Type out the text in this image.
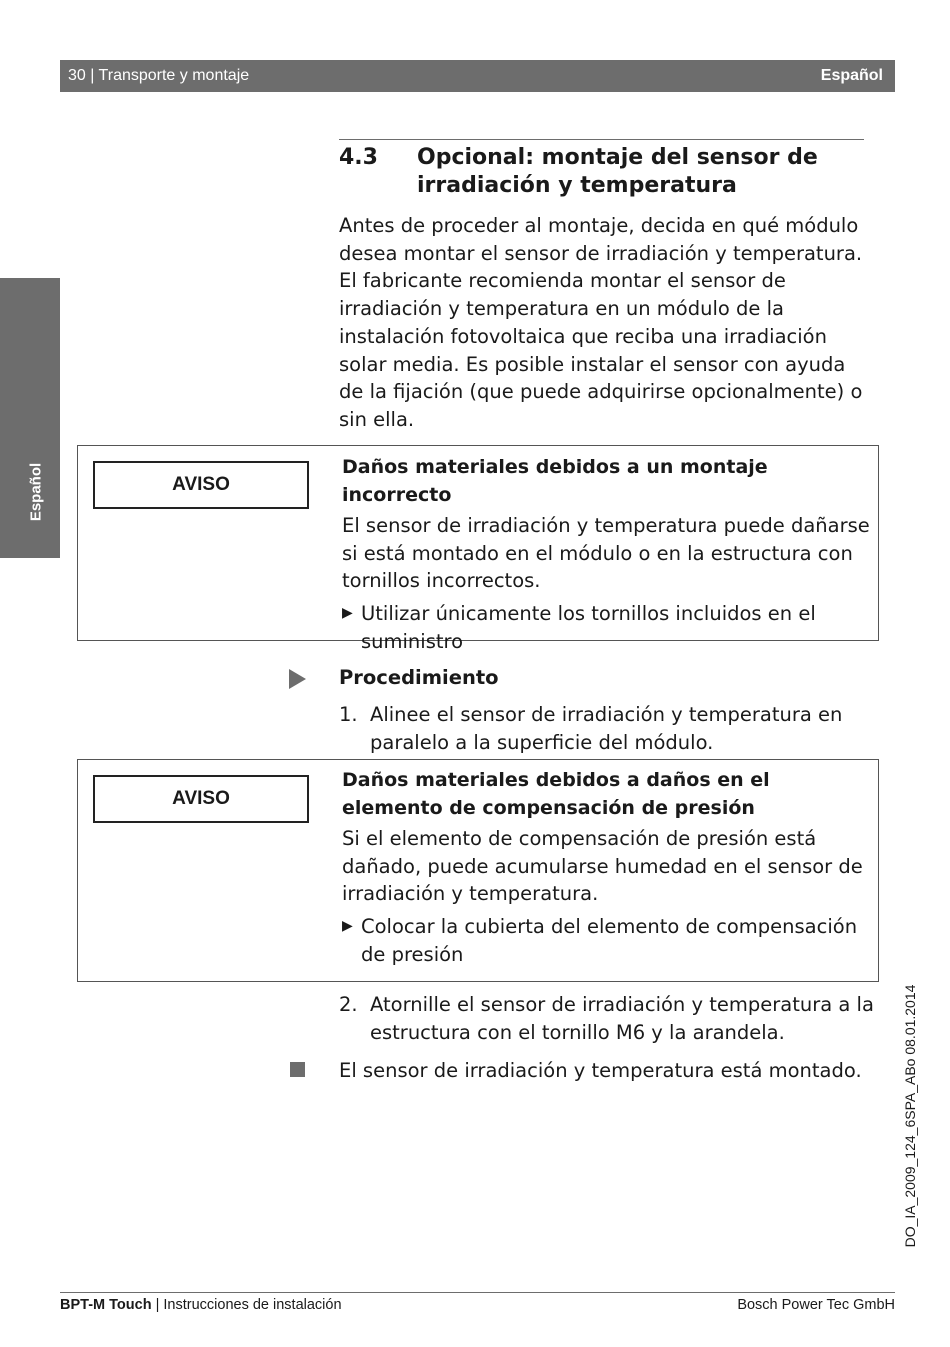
30 | Transporte y montaje	Español
Español
4.3	Opcional: montaje del sensor de irradiación y temperatura
Antes de proceder al montaje, decida en qué módulo desea montar el sensor de irradiación y temperatura. El fabricante recomienda montar el sensor de irradiación y temperatura en un módulo de la instalación fotovoltaica que reciba una irradiación solar media. Es posible instalar el sensor con ayuda de la fijación (que puede adquirirse opcionalmente) o sin ella.
AVISO
Daños materiales debidos a un montaje incorrecto
El sensor de irradiación y temperatura puede dañarse si está montado en el módulo o en la estructura con tornillos incorrectos.
▶ Utilizar únicamente los tornillos incluidos en el suministro
Procedimiento
1. Alinee el sensor de irradiación y temperatura en paralelo a la superficie del módulo.
AVISO
Daños materiales debidos a daños en el elemento de compensación de presión
Si el elemento de compensación de presión está dañado, puede acumularse humedad en el sensor de irradiación y temperatura.
▶ Colocar la cubierta del elemento de compensación de presión
2. Atornille el sensor de irradiación y temperatura a la estructura con el tornillo M6 y la arandela.
El sensor de irradiación y temperatura está montado.	DO_IA_2009_124_6SPA_ABo 08.01.2014
BPT-M Touch | Instrucciones de instalación	Bosch Power Tec GmbH
